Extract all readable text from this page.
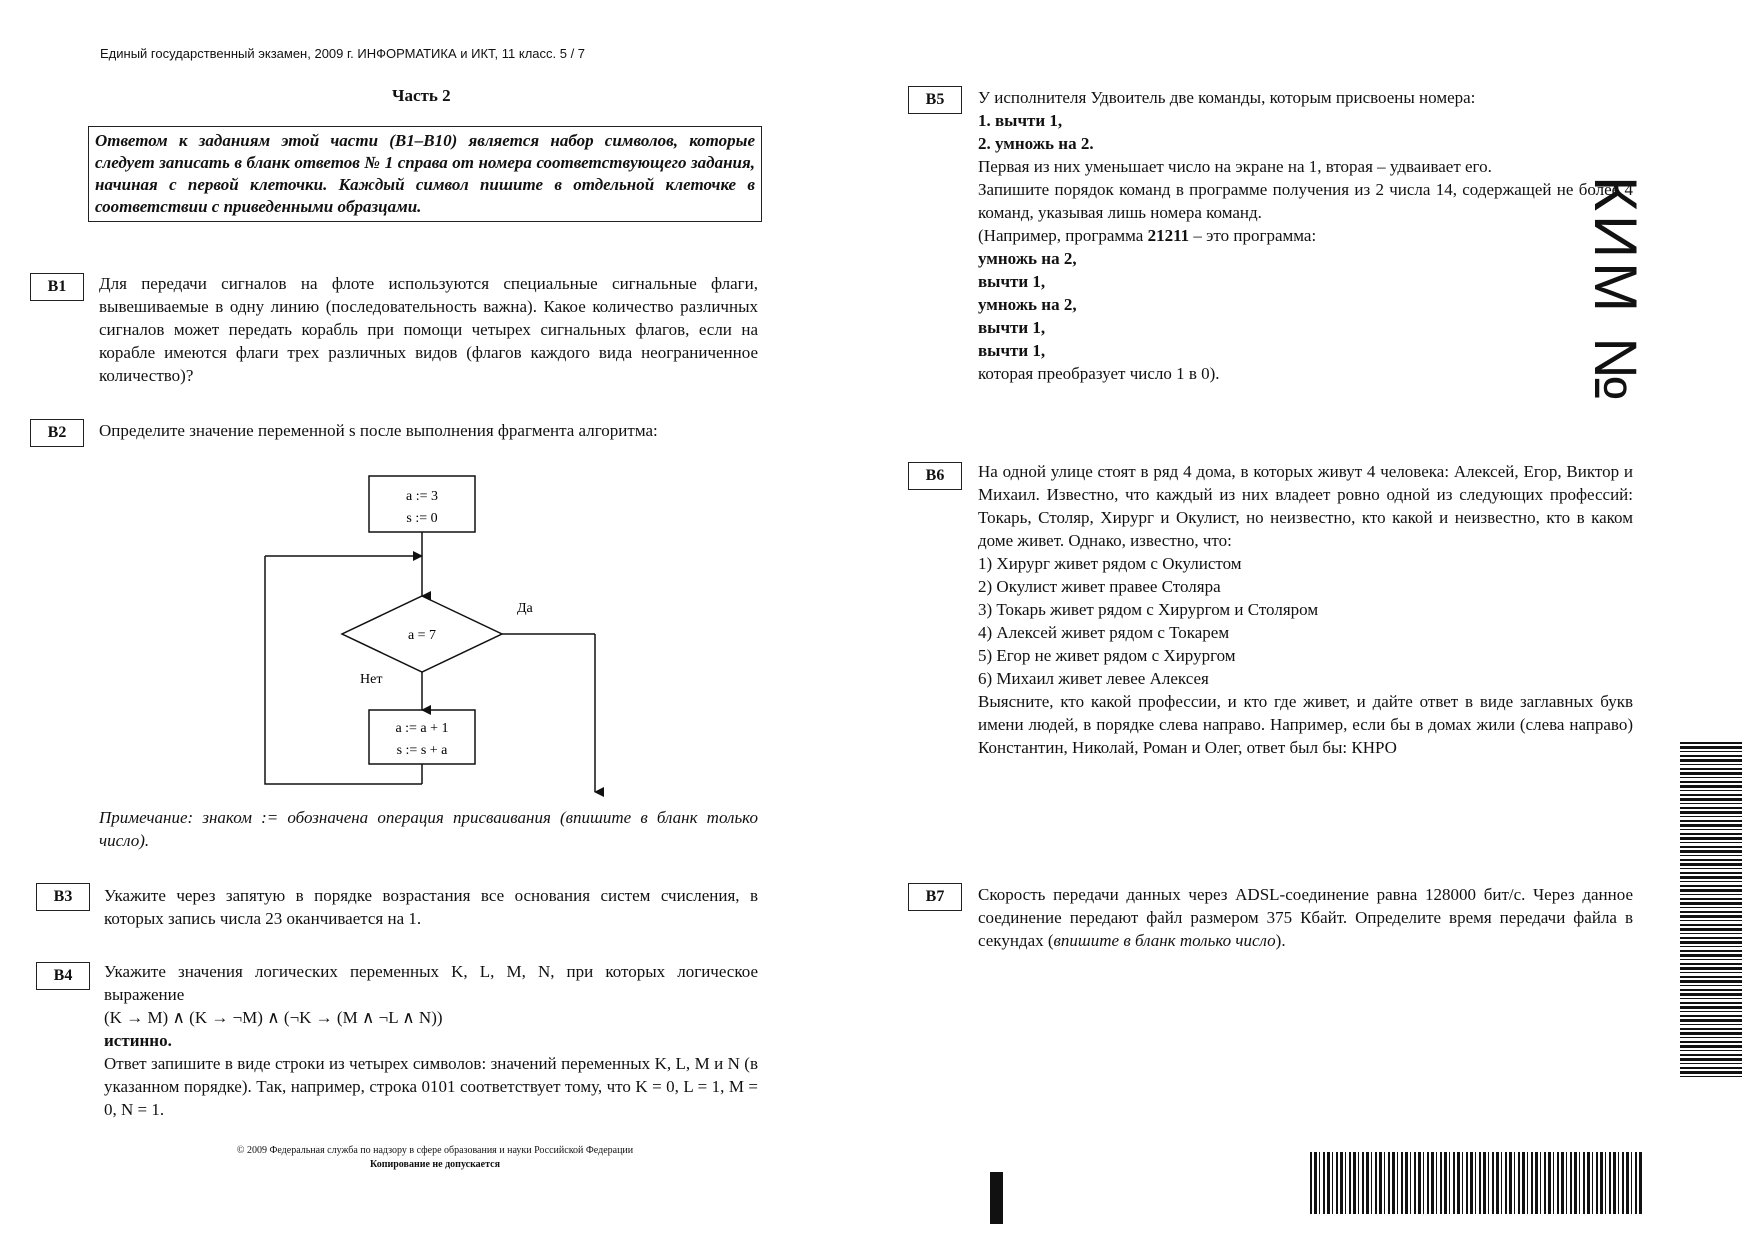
Единый государственный экзамен, 2009 г. ИНФОРМАТИКА и ИКТ, 11 класс. 5 / 7
Часть 2
Ответом к заданиям этой части (В1–В10) является набор символов, которые следует записать в бланк ответов № 1 справа от номера соответствующего задания, начиная с первой клеточки. Каждый символ пишите в отдельной клеточке в соответствии с приведенными образцами.
B1	Для передачи сигналов на флоте используются специальные сигнальные флаги, вывешиваемые в одну линию (последовательность важна). Какое количество различных сигналов может передать корабль при помощи четырех сигнальных флагов, если на корабле имеются флаги трех различных видов (флагов каждого вида неограниченное количество)?
B2	Определите значение переменной s после выполнения фрагмента алгоритма:
a := 3
s := 0
a = 7
Да
Нет
a := a + 1
s := s + a
Примечание: знаком := обозначена операция присваивания (впишите в бланк только число).
B3	Укажите через запятую в порядке возрастания все основания систем счисления, в которых запись числа 23 оканчивается на 1.
B4	Укажите значения логических переменных K, L, M, N, при которых логическое выражение

(K → M) ∧ (K → ¬M) ∧ (¬K → (M ∧ ¬L ∧ N))

истинно.

Ответ запишите в виде строки из четырех символов: значений переменных K, L, M и N (в указанном порядке). Так, например, строка 0101 соответствует тому, что K = 0, L = 1, M = 0, N = 1.

© 2009 Федеральная служба по надзору в сфере образования и науки Российской Федерации
Копирование не допускается
B5	У исполнителя Удвоитель две команды, которым присвоены номера:

1. вычти 1,

2. умножь на 2.

Первая из них уменьшает число на экране на 1, вторая – удваивает его.

Запишите порядок команд в программе получения из 2 числа 14, содержащей не более 4 команд, указывая лишь номера команд.

(Например, программа 21211 – это программа:

умножь на 2,

вычти 1,

умножь на 2,

вычти 1,

вычти 1,

которая преобразует число 1 в 0).

B6	На одной улице стоят в ряд 4 дома, в которых живут 4 человека: Алексей, Егор, Виктор и Михаил. Известно, что каждый из них владеет ровно одной из следующих профессий: Токарь, Столяр, Хирург и Окулист, но неизвестно, кто какой и неизвестно, кто в каком доме живет. Однако, известно, что:

1) Хирург живет рядом с Окулистом

2) Окулист живет правее Столяра

3) Токарь живет рядом с Хирургом и Столяром

4) Алексей живет рядом с Токарем

5) Егор не живет рядом с Хирургом

6) Михаил живет левее Алексея

Выясните, кто какой профессии, и кто где живет, и дайте ответ в виде заглавных букв имени людей, в порядке слева направо. Например, если бы в домах жили (слева направо) Константин, Николай, Роман и Олег, ответ был бы: КНРО

B7	Скорость передачи данных через ADSL-соединение равна 128000 бит/c. Через данное соединение передают файл размером 375 Кбайт. Определите время передачи файла в секундах (впишите в бланк только число).
КИМ №
